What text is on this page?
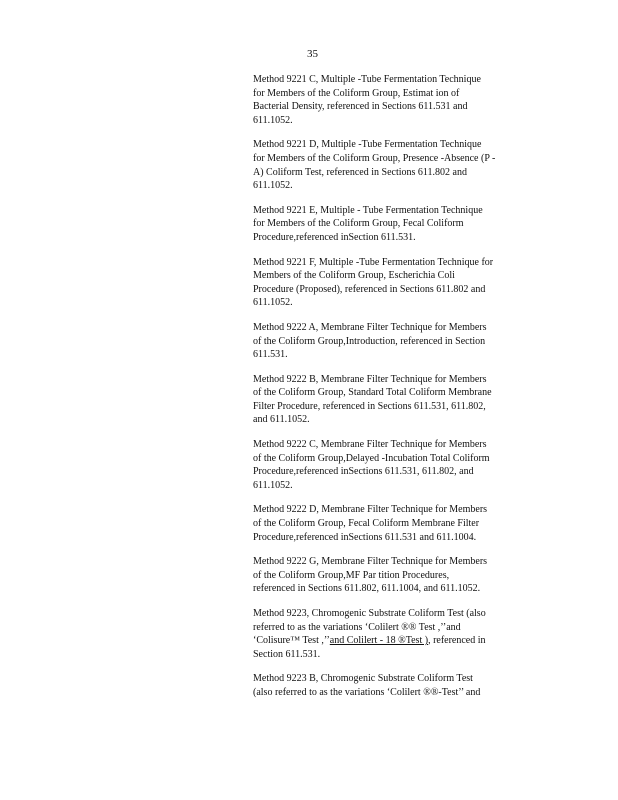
35
Method 9221 C, Multiple -Tube Fermentation Technique
for Members of the Coliform Group, Estimat ion of
Bacterial Density, referenced in Sections 611.531 and
611.1052.
Method 9221 D, Multiple -Tube Fermentation Technique
for Members of the Coliform Group, Presence -Absence (P -
A) Coliform Test, referenced in Sections 611.802 and
611.1052.
Method 9221 E, Multiple - Tube Fermentation Technique
for Members of the Coliform Group, Fecal Coliform
Procedure,referenced inSection 611.531.
Method 9221 F, Multiple -Tube Fermentation Technique for
Members of the Coliform Group, Escherichia Coli
Procedure (Proposed), referenced in Sections 611.802 and
611.1052.
Method 9222 A, Membrane Filter Technique for Members
of the Coliform Group,Introduction, referenced in Section
611.531.
Method 9222 B, Membrane Filter Technique for Members
of the Coliform Group, Standard Total Coliform Membrane
Filter Procedure, referenced in Sections 611.531, 611.802,
and 611.1052.
Method 9222 C, Membrane Filter Technique for Members
of the Coliform Group,Delayed -Incubation Total Coliform
Procedure,referenced inSections 611.531, 611.802, and
611.1052.
Method 9222 D, Membrane Filter Technique for Members
of the Coliform Group, Fecal Coliform Membrane Filter
Procedure,referenced inSections 611.531 and 611.1004.
Method 9222 G, Membrane Filter Technique for Members
of the Coliform Group,MF Par tition Procedures,
referenced in Sections 611.802, 611.1004, and 611.1052.
Method 9223, Chromogenic Substrate Coliform Test (also
referred to as the variations ‘Colilert ®® Test ,’’and
‘Colisure™ Test ,’’and Colilert - 18 ®Test ), referenced in
Section 611.531.
Method 9223 B, Chromogenic Substrate Coliform Test
(also referred to as the variations ‘Colilert ®®-Test’’ and
